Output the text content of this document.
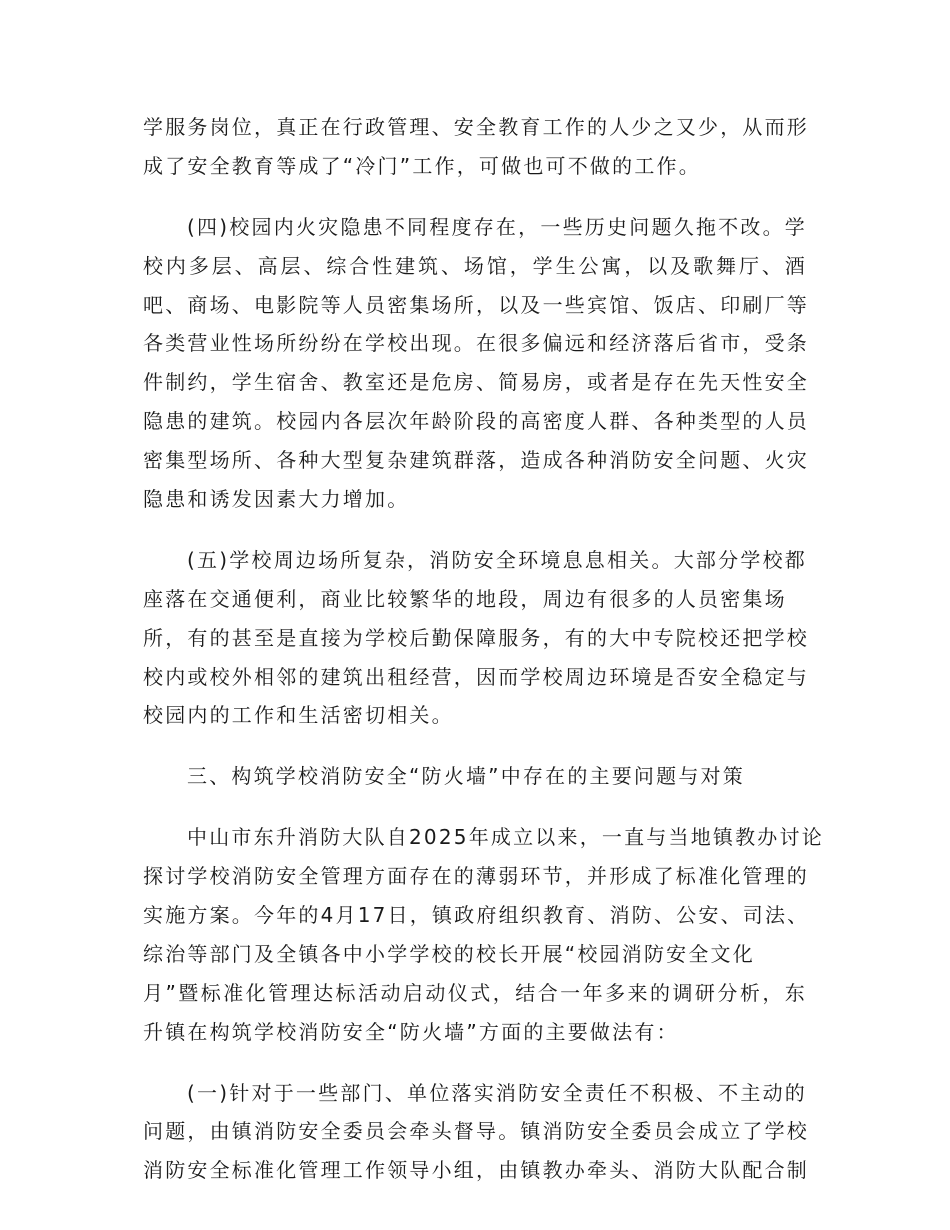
学服务岗位，真正在行政管理、安全教育工作的人少之又少，从而形
成了安全教育等成了“冷门”工作，可做也可不做的工作。
(四)校园内火灾隐患不同程度存在，一些历史问题久拖不改。学
校内多层、高层、综合性建筑、场馆，学生公寓，以及歌舞厅、酒
吧、商场、电影院等人员密集场所，以及一些宾馆、饭店、印刷厂等
各类营业性场所纷纷在学校出现。在很多偏远和经济落后省市，受条
件制约，学生宿舍、教室还是危房、简易房，或者是存在先天性安全
隐患的建筑。校园内各层次年龄阶段的高密度人群、各种类型的人员
密集型场所、各种大型复杂建筑群落，造成各种消防安全问题、火灾
隐患和诱发因素大力增加。
(五)学校周边场所复杂，消防安全环境息息相关。大部分学校都
座落在交通便利，商业比较繁华的地段，周边有很多的人员密集场
所，有的甚至是直接为学校后勤保障服务，有的大中专院校还把学校
校内或校外相邻的建筑出租经营，因而学校周边环境是否安全稳定与
校园内的工作和生活密切相关。
三、构筑学校消防安全“防火墙”中存在的主要问题与对策
中山市东升消防大队自2025年成立以来，一直与当地镇教办讨论
探讨学校消防安全管理方面存在的薄弱环节，并形成了标准化管理的
实施方案。今年的4月17日，镇政府组织教育、消防、公安、司法、
综治等部门及全镇各中小学学校的校长开展“校园消防安全文化
月”暨标准化管理达标活动启动仪式，结合一年多来的调研分析，东
升镇在构筑学校消防安全“防火墙”方面的主要做法有：
(一)针对于一些部门、单位落实消防安全责任不积极、不主动的
问题，由镇消防安全委员会牵头督导。镇消防安全委员会成立了学校
消防安全标准化管理工作领导小组，由镇教办牵头、消防大队配合制
